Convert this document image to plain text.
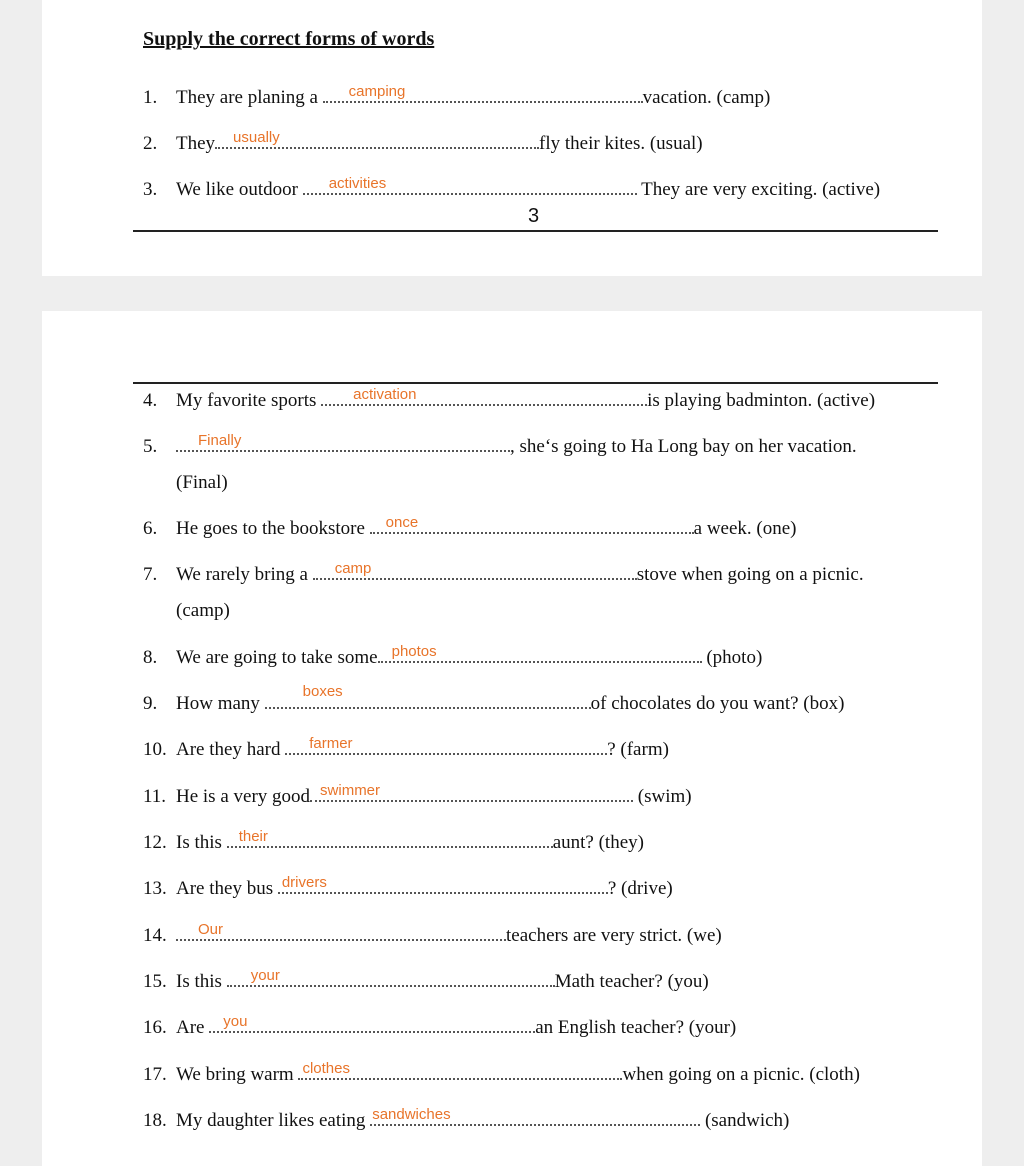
Supply the correct forms of words
1. They are planing a camping	vacation. (camp)
2. They usually	fly their kites. (usual)
3. We like outdoor activities	They are very exciting. (active)
3
4. My favorite sports activation	is playing badminton. (active)
5.	Finally	, she‘s going to Ha Long bay on her vacation.
(Final)
6. He goes to the bookstore once	a week. (one)
7. We rarely bring a camp	stove when going on a picnic.
(camp)
8. We are going to take some photos	(photo)
9. How many
boxes
of chocolates do you want? (box)
10. Are they hard farmer	? (farm)
11. He is a very good swimmer	(swim)
12. Is this their	aunt? (they)
13. Are they bus drivers	? (drive)
14. Our	teachers are very strict. (we)
15. Is this your	Math teacher? (you)
16. Are you	an English teacher? (your)
17. We bring warm clothes	when going on a picnic. (cloth)
18. My daughter likes eating sandwiches	(sandwich)
